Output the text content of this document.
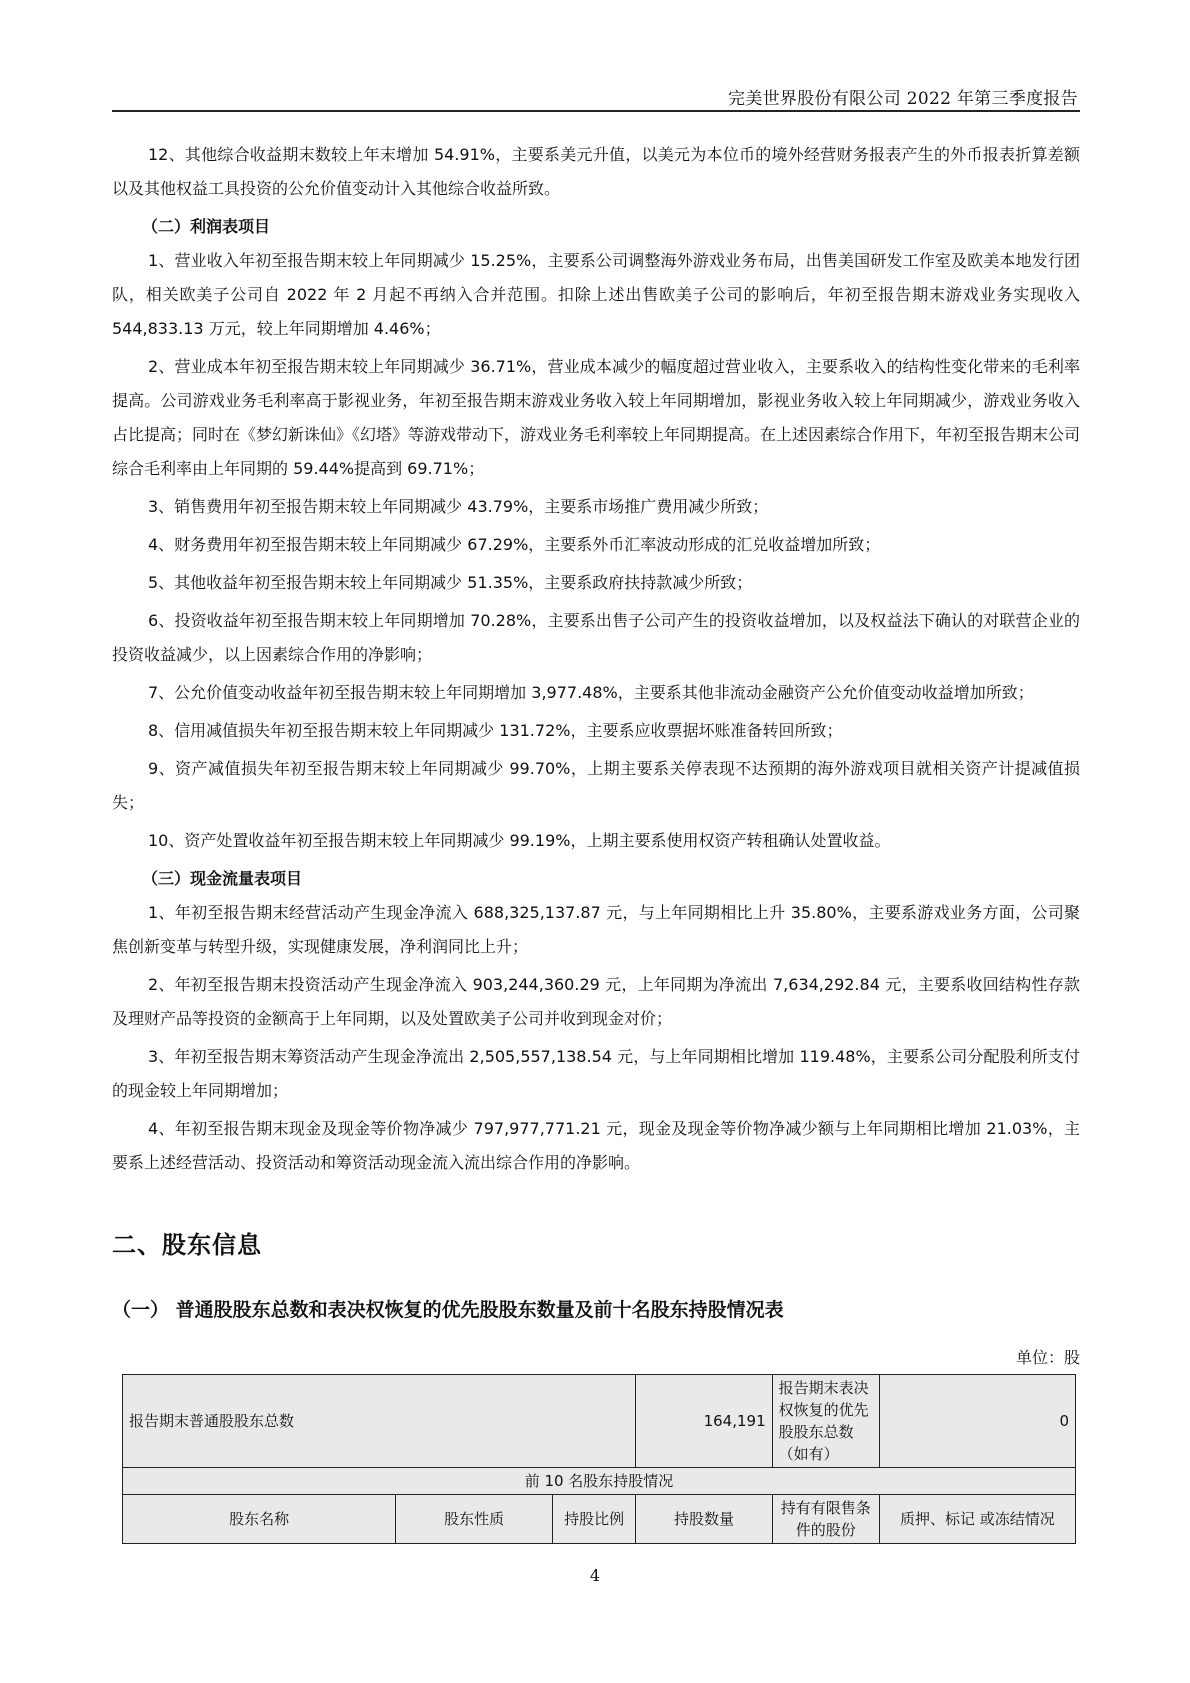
完美世界股份有限公司 2022 年第三季度报告

12、其他综合收益期末数较上年末增加 54.91%，主要系美元升值，以美元为本位币的境外经营财务报表产生的外币报表折算差额以及其他权益工具投资的公允价值变动计入其他综合收益所致。

（二）利润表项目

1、营业收入年初至报告期末较上年同期减少 15.25%，主要系公司调整海外游戏业务布局，出售美国研发工作室及欧美本地发行团队，相关欧美子公司自 2022 年 2 月起不再纳入合并范围。扣除上述出售欧美子公司的影响后，年初至报告期末游戏业务实现收入 544,833.13 万元，较上年同期增加 4.46%；

2、营业成本年初至报告期末较上年同期减少 36.71%，营业成本减少的幅度超过营业收入，主要系收入的结构性变化带来的毛利率提高。公司游戏业务毛利率高于影视业务，年初至报告期末游戏业务收入较上年同期增加，影视业务收入较上年同期减少，游戏业务收入占比提高；同时在《梦幻新诛仙》《幻塔》等游戏带动下，游戏业务毛利率较上年同期提高。在上述因素综合作用下，年初至报告期末公司综合毛利率由上年同期的 59.44%提高到 69.71%；

3、销售费用年初至报告期末较上年同期减少 43.79%，主要系市场推广费用减少所致；

4、财务费用年初至报告期末较上年同期减少 67.29%，主要系外币汇率波动形成的汇兑收益增加所致；

5、其他收益年初至报告期末较上年同期减少 51.35%，主要系政府扶持款减少所致；

6、投资收益年初至报告期末较上年同期增加 70.28%，主要系出售子公司产生的投资收益增加，以及权益法下确认的对联营企业的投资收益减少，以上因素综合作用的净影响；

7、公允价值变动收益年初至报告期末较上年同期增加 3,977.48%，主要系其他非流动金融资产公允价值变动收益增加所致；

8、信用减值损失年初至报告期末较上年同期减少 131.72%，主要系应收票据坏账准备转回所致；

9、资产减值损失年初至报告期末较上年同期减少 99.70%，上期主要系关停表现不达预期的海外游戏项目就相关资产计提减值损失；

10、资产处置收益年初至报告期末较上年同期减少 99.19%，上期主要系使用权资产转租确认处置收益。

（三）现金流量表项目

1、年初至报告期末经营活动产生现金净流入 688,325,137.87 元，与上年同期相比上升 35.80%，主要系游戏业务方面，公司聚焦创新变革与转型升级，实现健康发展，净利润同比上升；

2、年初至报告期末投资活动产生现金净流入 903,244,360.29 元，上年同期为净流出 7,634,292.84 元，主要系收回结构性存款及理财产品等投资的金额高于上年同期，以及处置欧美子公司并收到现金对价；

3、年初至报告期末筹资活动产生现金净流出 2,505,557,138.54 元，与上年同期相比增加 119.48%，主要系公司分配股利所支付的现金较上年同期增加；

4、年初至报告期末现金及现金等价物净减少 797,977,771.21 元，现金及现金等价物净减少额与上年同期相比增加 21.03%，主要系上述经营活动、投资活动和筹资活动现金流入流出综合作用的净影响。

二、股东信息
（一） 普通股股东总数和表决权恢复的优先股股东数量及前十名股东持股情况表
单位：股
报告期末普通股股东总数			164,191	报告期末表决权恢复的优先股股东总数（如有）	0
前 10 名股东持股情况					
股东名称	股东性质	持股比例	持股数量	持有有限售条件的股份	质押、标记 或冻结情况
4
